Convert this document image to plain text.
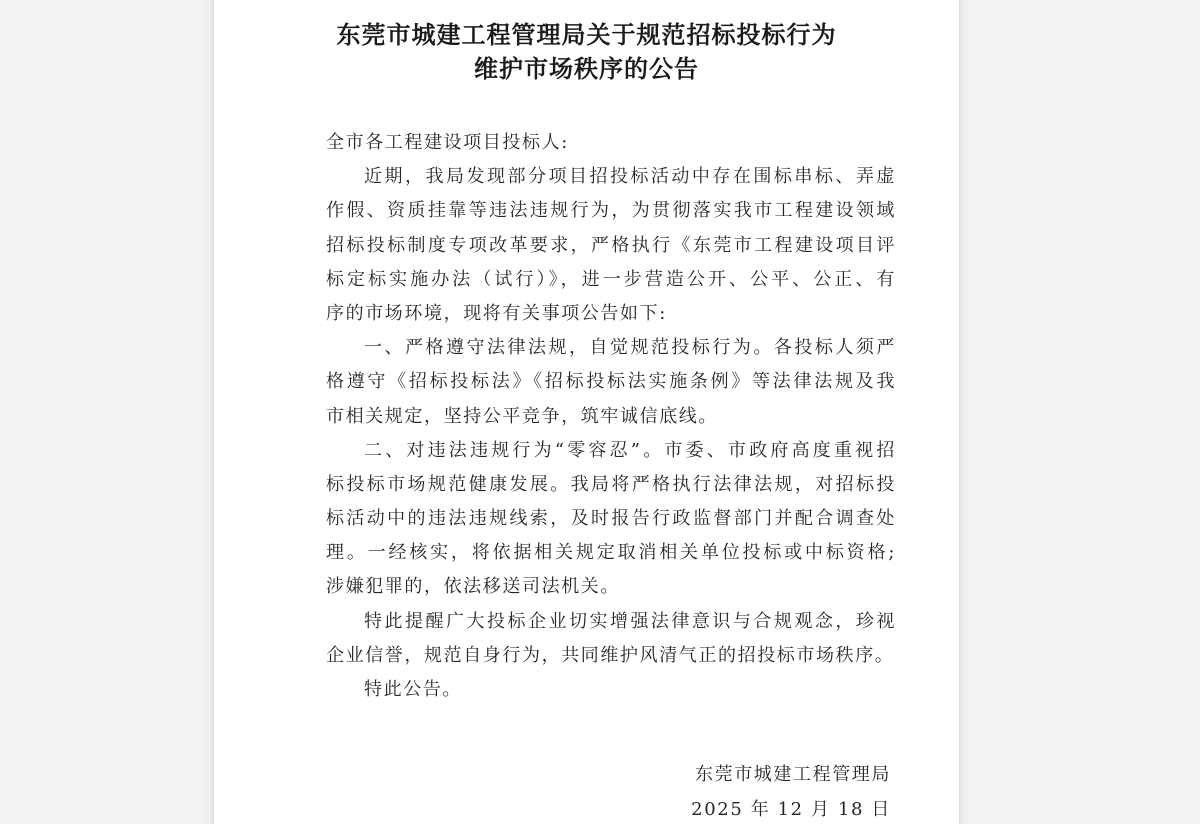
东莞市城建工程管理局关于规范招标投标行为
维护市场秩序的公告
全市各工程建设项目投标人:
近期，我局发现部分项目招投标活动中存在围标串标、弄虚
作假、资质挂靠等违法违规行为，为贯彻落实我市工程建设领域
招标投标制度专项改革要求，严格执行《东莞市工程建设项目评
标定标实施办法（试行）》，进一步营造公开、公平、公正、有
序的市场环境，现将有关事项公告如下:
一、严格遵守法律法规，自觉规范投标行为。各投标人须严
格遵守《招标投标法》《招标投标法实施条例》等法律法规及我
市相关规定，坚持公平竞争，筑牢诚信底线。
二、对违法违规行为“零容忍”。市委、市政府高度重视招
标投标市场规范健康发展。我局将严格执行法律法规，对招标投
标活动中的违法违规线索，及时报告行政监督部门并配合调查处
理。一经核实，将依据相关规定取消相关单位投标或中标资格;
涉嫌犯罪的，依法移送司法机关。
特此提醒广大投标企业切实增强法律意识与合规观念，珍视
企业信誉，规范自身行为，共同维护风清气正的招投标市场秩序。
特此公告。
东莞市城建工程管理局
2025 年 12 月 18 日
